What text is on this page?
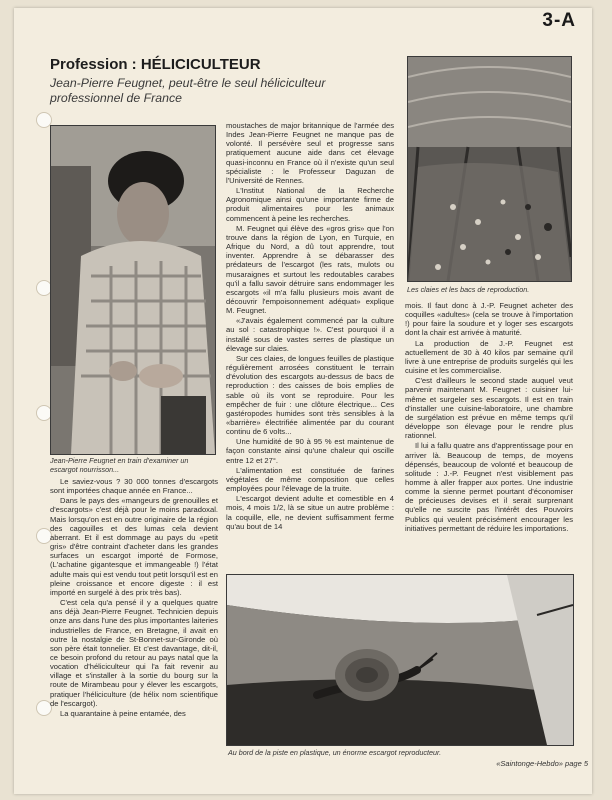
3-A
Profession : HÉLICICULTEUR
Jean-Pierre Feugnet, peut-être le seul héliciculteur professionnel de France
Jean-Pierre Feugnet en train d'examiner un escargot nourrisson...
Les claies et les bacs de reproduction.

Le saviez-vous ? 30 000 tonnes d'escargots sont importées chaque année en France...

Dans le pays des «mangeurs de grenouilles et d'escargots» c'est déjà pour le moins paradoxal. Mais lorsqu'on est en outre originaire de la région des cagouilles et des lumas cela devient aberrant. Et il est dommage au pays du «petit gris» d'être contraint d'acheter dans les grandes surfaces un escargot importé de Formose, (L'achatine gigantesque et immangeable !) l'état adulte mais qui est vendu tout petit lorsqu'il est en pleine croissance et encore digeste : il est importé en surgelé à des prix très bas).

C'est cela qu'a pensé il y a quelques quatre ans déjà Jean-Pierre Feugnet. Technicien depuis onze ans dans l'une des plus importantes laiteries industrielles de France, en Bretagne, il avait en outre la nostalgie de St-Bonnet-sur-Gironde où son père était tonnelier. Et c'est davantage, dit-il, ce besoin profond du retour au pays natal que la vocation d'héliciculteur qui l'a fait revenir au village et s'installer à la sortie du bourg sur la route de Mirambeau pour y élever les escargots, pratiquer l'héliciculture (de hélix nom scientifique de l'escargot).

La quarantaine à peine entamée, des

moustaches de major britannique de l'armée des Indes Jean-Pierre Feugnet ne manque pas de volonté. Il persévère seul et progresse sans pratiquement aucune aide dans cet élevage quasi-inconnu en France où il n'existe qu'un seul spécialiste : le Professeur Daguzan de l'Université de Rennes.

L'Institut National de la Recherche Agronomique ainsi qu'une importante firme de produit alimentaires pour les animaux commencent à peine les recherches.

M. Feugnet qui élève des «gros gris» que l'on trouve dans la région de Lyon, en Turquie, en Afrique du Nord, a dû tout apprendre, tout inventer. Apprendre à se débarasser des prédateurs de l'escargot (les rats, mulots ou musaraignes et surtout les redoutables carabes qu'il a fallu savoir détruire sans endommager les escargots «il m'a fallu plusieurs mois avant de découvrir l'empoisonnement adéquat» explique M. Feugnet.

«J'avais également commencé par la culture au sol : catastrophique !». C'est pourquoi il a installé sous de vastes serres de plastique un élevage sur claies.

Sur ces claies, de longues feuilles de plastique régulièrement arrosées constituent le terrain d'évolution des escargots au-dessus de bacs de reproduction : des caisses de bois emplies de sable où ils vont se reproduire. Pour les empêcher de fuir : une clôture électrique... Ces gastéropodes humides sont très sensibles à la «barrière» électrifiée alimentée par du courant continu de 6 volts...

Une humidité de 90 à 95 % est maintenue de façon constante ainsi qu'une chaleur qui oscille entre 12 et 27°.

L'alimentation est constituée de farines végétales de même composition que celles employées pour l'élevage de la truite.

L'escargot devient adulte et comestible en 4 mois, 4 mois 1/2, là se situe un autre problème : la coquille, elle, ne devient suffisamment ferme qu'au bout de 14

mois. Il faut donc à J.-P. Feugnet acheter des coquilles «adultes» (cela se trouve à l'importation !) pour faire la soudure et y loger ses escargots dont la chair est arrivée à maturité.

La production de J.-P. Feugnet est actuellement de 30 à 40 kilos par semaine qu'il livre à une entreprise de produits surgelés qui les cuisine et les commercialise.

C'est d'ailleurs le second stade auquel veut parvenir maintenant M. Feugnet : cuisiner lui-même et surgeler ses escargots. Il est en train d'installer une cuisine-laboratoire, une chambre de surgélation est prévue en même temps qu'il développe son élevage pour le rendre plus rationnel.

Il lui a fallu quatre ans d'apprentissage pour en arriver là. Beaucoup de temps, de moyens dépensés, beaucoup de volonté et beaucoup de solitude : J.-P. Feugnet n'est visiblement pas homme à aller frapper aux portes. Une industrie comme la sienne permet pourtant d'économiser de précieuses devises et il serait surprenant qu'elle ne suscite pas l'intérêt des Pouvoirs Publics qui veulent précisément encourager les initiatives permettant de réduire les importations.

Au bord de la piste en plastique, un énorme escargot reproducteur.
«Saintonge-Hebdo» page 5
